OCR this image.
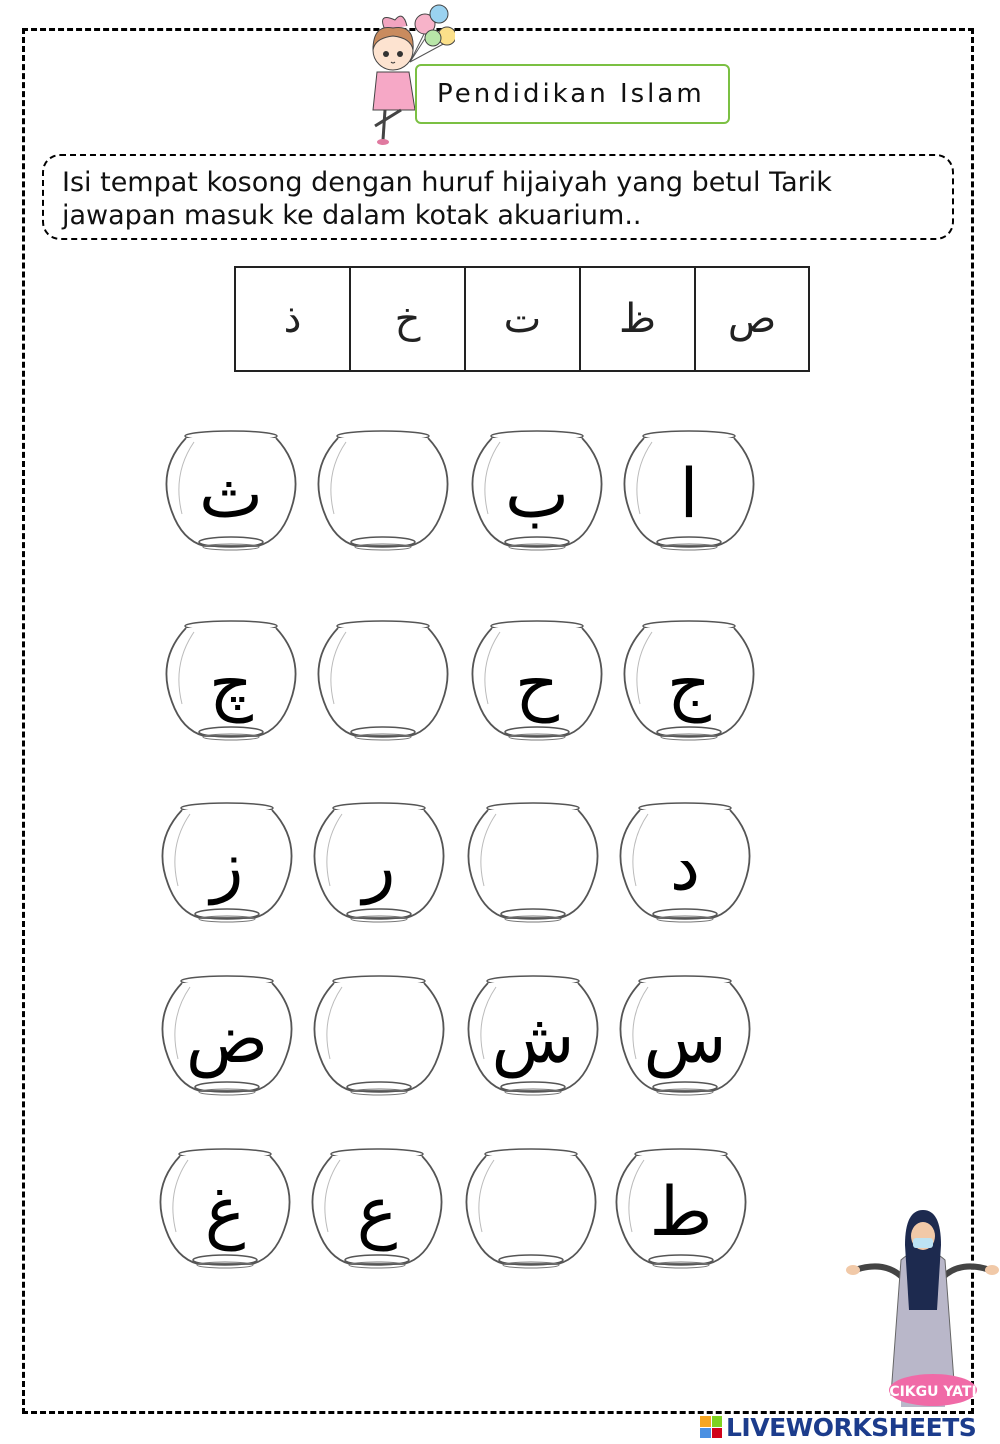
Pendidikan Islam
Isi tempat kosong dengan huruf hijaiyah yang betul Tarik jawapan masuk ke dalam kotak akuarium..
ذ	خ	ت	ظ	ص
ث	ب	ا
چ	ح	ج
ز	ر	د
ض	ش	س
غ	ع	ط
CIKGU YATI
LIVEWORKSHEETS
